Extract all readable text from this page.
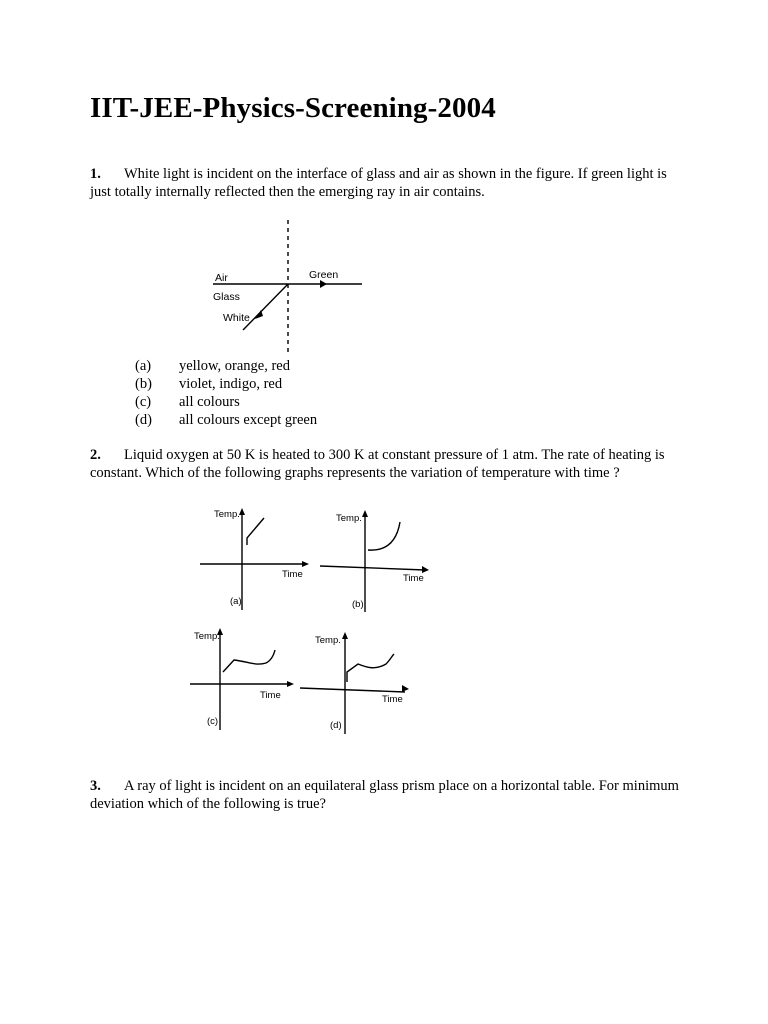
IIT-JEE-Physics-Screening-2004

1. White light is incident on the interface of glass and air as shown in the figure. If green light is just totally internally reflected then the emerging ray in air contains.

Air
Glass
White
Green
(a)	yellow, orange, red
(b)	violet, indigo, red
(c)	all colours
(d)	all colours except green

2. Liquid oxygen at 50 K is heated to 300 K at constant pressure of 1 atm. The rate of heating is constant. Which of the following graphs represents the variation of temperature with time ?

Temp.
Time
(a)
Temp.
Time
(b)
Temp.
Time
(c)
Temp.
Time
(d)

3. A ray of light is incident on an equilateral glass prism place on a horizontal table. For minimum deviation which of the following is true?
